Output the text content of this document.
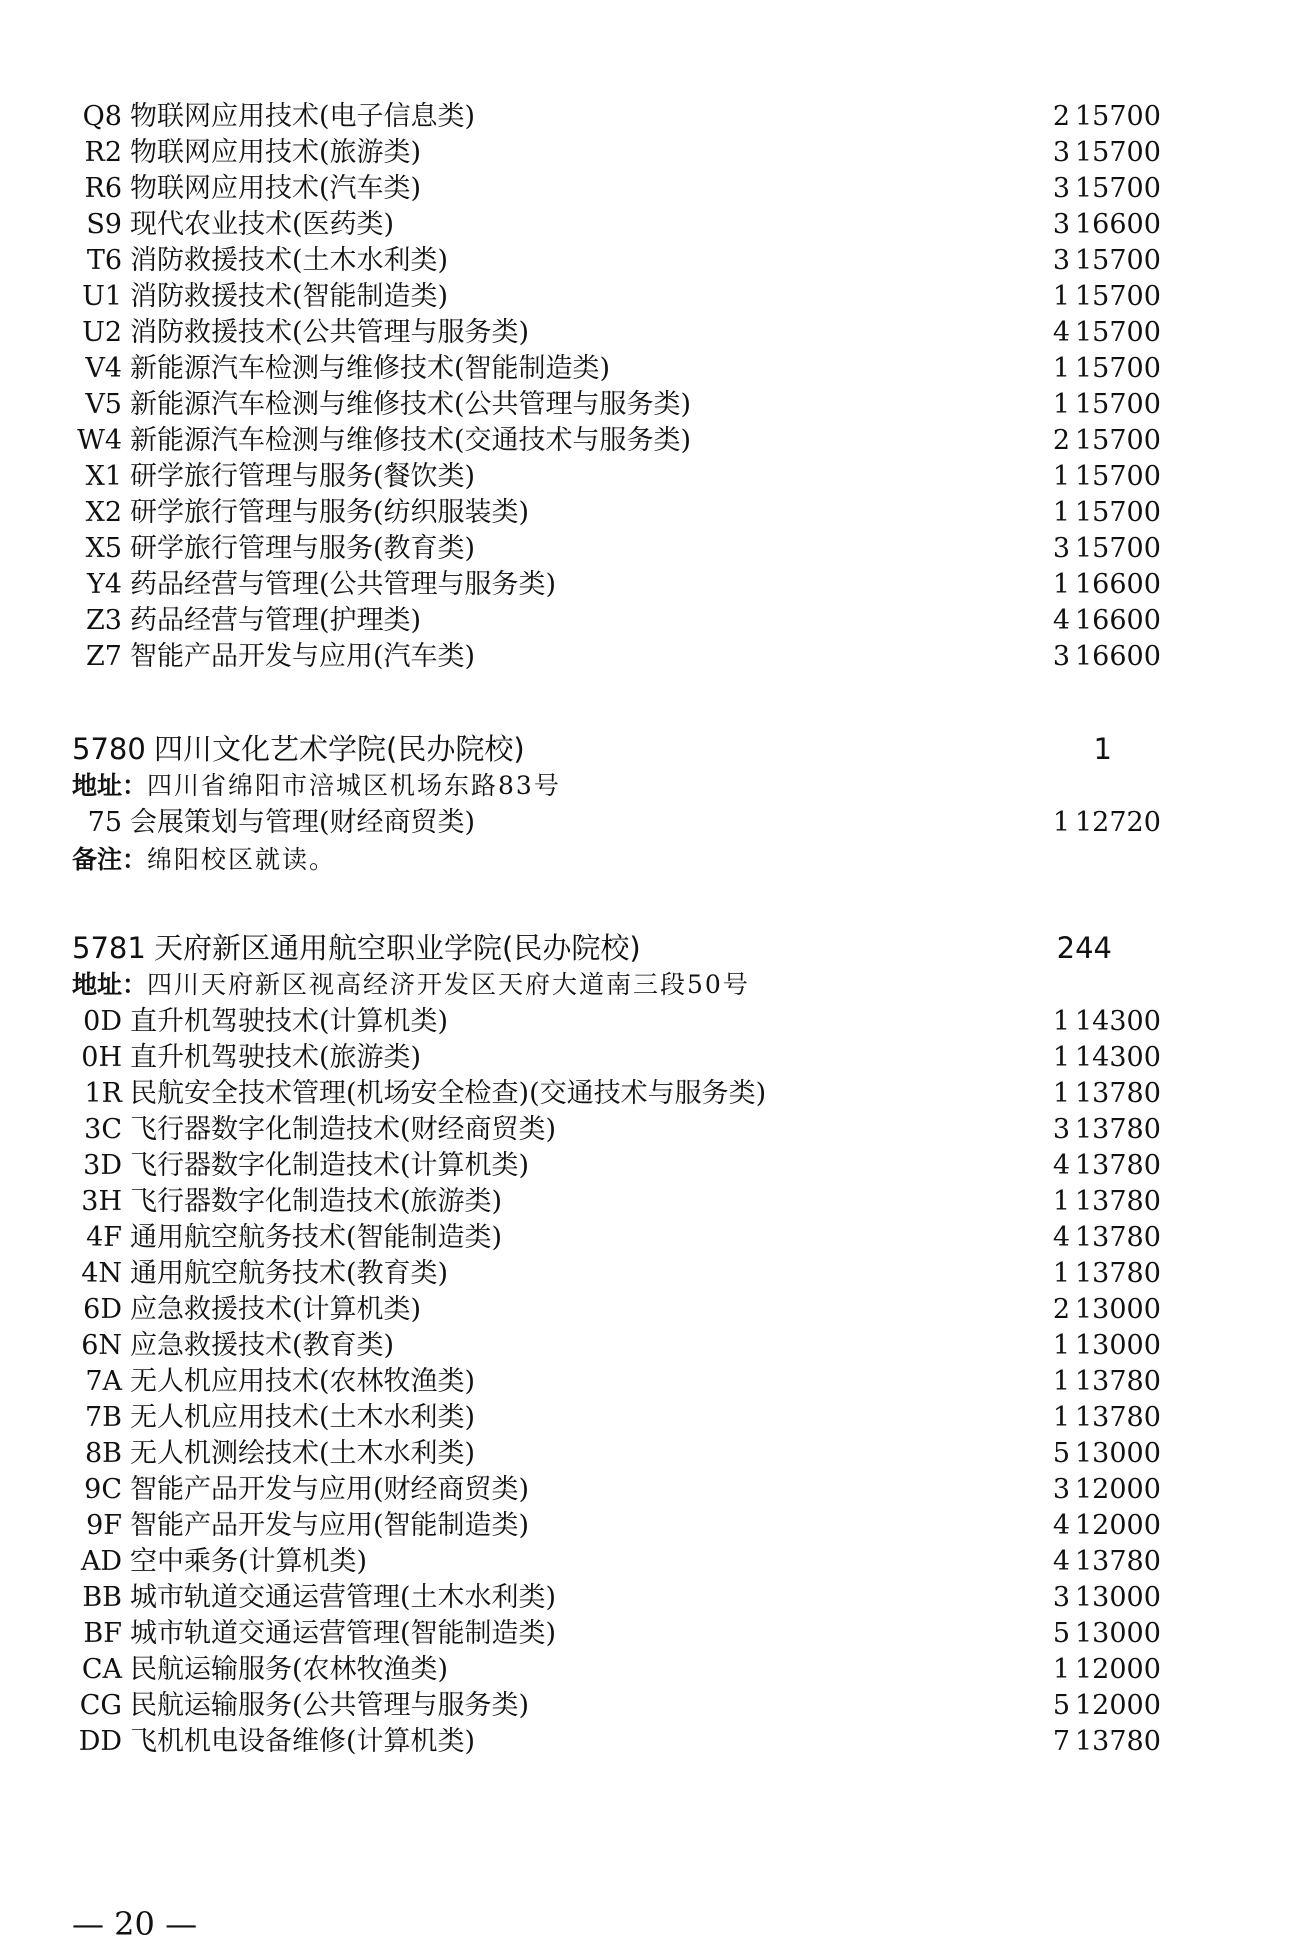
Q8 物联网应用技术(电子信息类)	2 15700
R2 物联网应用技术(旅游类)	3 15700
R6 物联网应用技术(汽车类)	3 15700
S9 现代农业技术(医药类)	3 16600
T6 消防救援技术(土木水利类)	3 15700
U1 消防救援技术(智能制造类)	1 15700
U2 消防救援技术(公共管理与服务类)	4 15700
V4 新能源汽车检测与维修技术(智能制造类)	1 15700
V5 新能源汽车检测与维修技术(公共管理与服务类)	1 15700
W4 新能源汽车检测与维修技术(交通技术与服务类)	2 15700
X1 研学旅行管理与服务(餐饮类)	1 15700
X2 研学旅行管理与服务(纺织服装类)	1 15700
X5 研学旅行管理与服务(教育类)	3 15700
Y4 药品经营与管理(公共管理与服务类)	1 16600
Z3 药品经营与管理(护理类)	4 16600
Z7 智能产品开发与应用(汽车类)	3 16600
5780 四川文化艺术学院(民办院校)	1
地址：四川省绵阳市涪城区机场东路83号
75 会展策划与管理(财经商贸类)	1 12720
备注：绵阳校区就读。
5781 天府新区通用航空职业学院(民办院校)	244
地址：四川天府新区视高经济开发区天府大道南三段50号
0D 直升机驾驶技术(计算机类)	1 14300
0H 直升机驾驶技术(旅游类)	1 14300
1R 民航安全技术管理(机场安全检查)(交通技术与服务类)	1 13780
3C 飞行器数字化制造技术(财经商贸类)	3 13780
3D 飞行器数字化制造技术(计算机类)	4 13780
3H 飞行器数字化制造技术(旅游类)	1 13780
4F 通用航空航务技术(智能制造类)	4 13780
4N 通用航空航务技术(教育类)	1 13780
6D 应急救援技术(计算机类)	2 13000
6N 应急救援技术(教育类)	1 13000
7A 无人机应用技术(农林牧渔类)	1 13780
7B 无人机应用技术(土木水利类)	1 13780
8B 无人机测绘技术(土木水利类)	5 13000
9C 智能产品开发与应用(财经商贸类)	3 12000
9F 智能产品开发与应用(智能制造类)	4 12000
AD 空中乘务(计算机类)	4 13780
BB 城市轨道交通运营管理(土木水利类)	3 13000
BF 城市轨道交通运营管理(智能制造类)	5 13000
CA 民航运输服务(农林牧渔类)	1 12000
CG 民航运输服务(公共管理与服务类)	5 12000
DD 飞机机电设备维修(计算机类)	7 13780
— 20 —
